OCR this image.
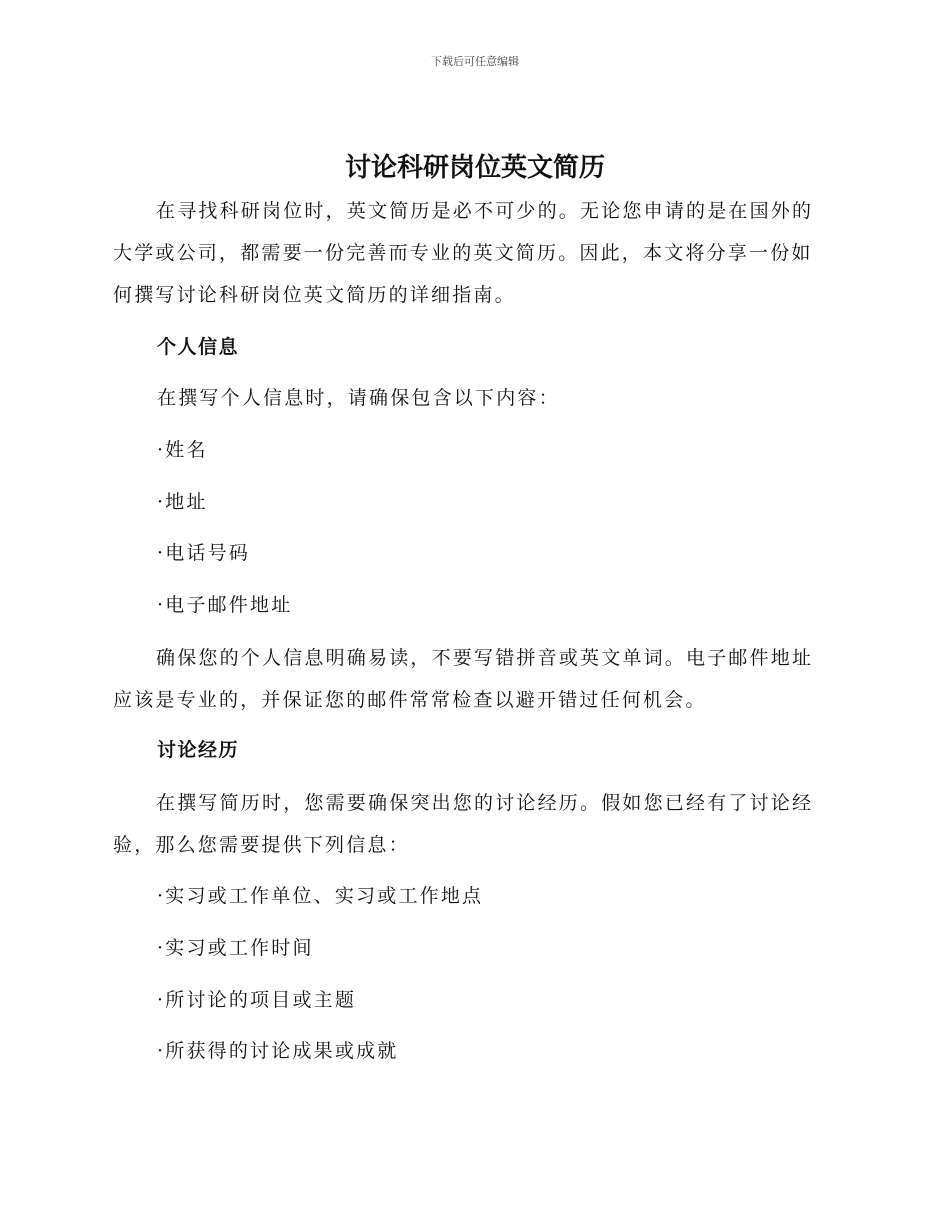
下载后可任意编辑
讨论科研岗位英文简历
在寻找科研岗位时，英文简历是必不可少的。无论您申请的是在国外的大学或公司，都需要一份完善而专业的英文简历。因此，本文将分享一份如何撰写讨论科研岗位英文简历的详细指南。
个人信息
在撰写个人信息时，请确保包含以下内容：
·姓名
·地址
·电话号码
·电子邮件地址
确保您的个人信息明确易读，不要写错拼音或英文单词。电子邮件地址应该是专业的，并保证您的邮件常常检查以避开错过任何机会。
讨论经历
在撰写简历时，您需要确保突出您的讨论经历。假如您已经有了讨论经验，那么您需要提供下列信息：
·实习或工作单位、实习或工作地点
·实习或工作时间
·所讨论的项目或主题
·所获得的讨论成果或成就
